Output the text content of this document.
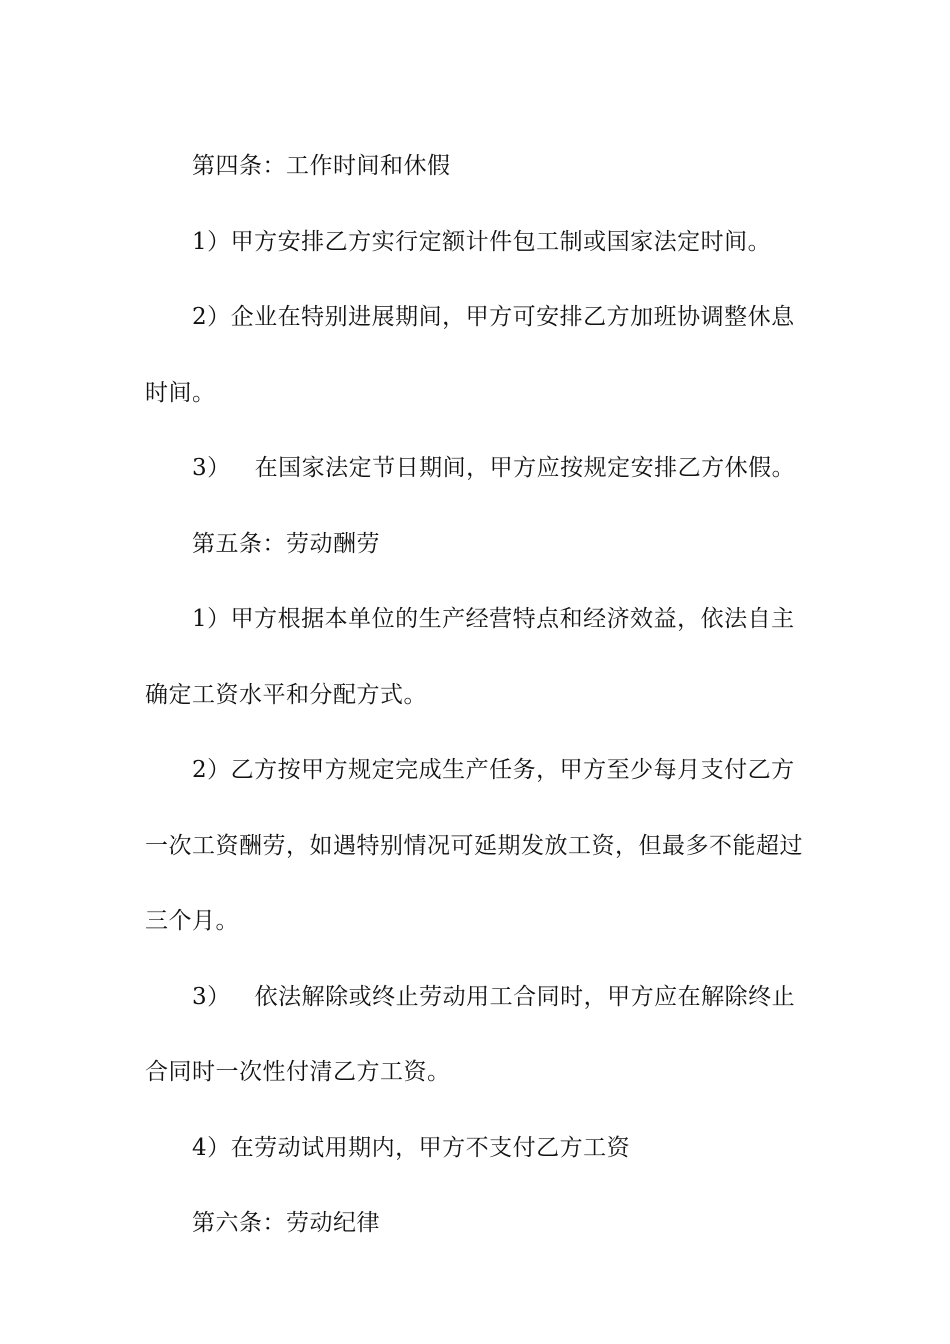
第四条：工作时间和休假

1）甲方安排乙方实行定额计件包工制或国家法定时间。

2）企业在特别进展期间，甲方可安排乙方加班协调整休息时间。

3） 在国家法定节日期间，甲方应按规定安排乙方休假。

第五条：劳动酬劳

1）甲方根据本单位的生产经营特点和经济效益，依法自主确定工资水平和分配方式。

2）乙方按甲方规定完成生产任务，甲方至少每月支付乙方一次工资酬劳，如遇特别情况可延期发放工资，但最多不能超过三个月。

3） 依法解除或终止劳动用工合同时，甲方应在解除终止合同时一次性付清乙方工资。

4）在劳动试用期内，甲方不支付乙方工资

第六条：劳动纪律
